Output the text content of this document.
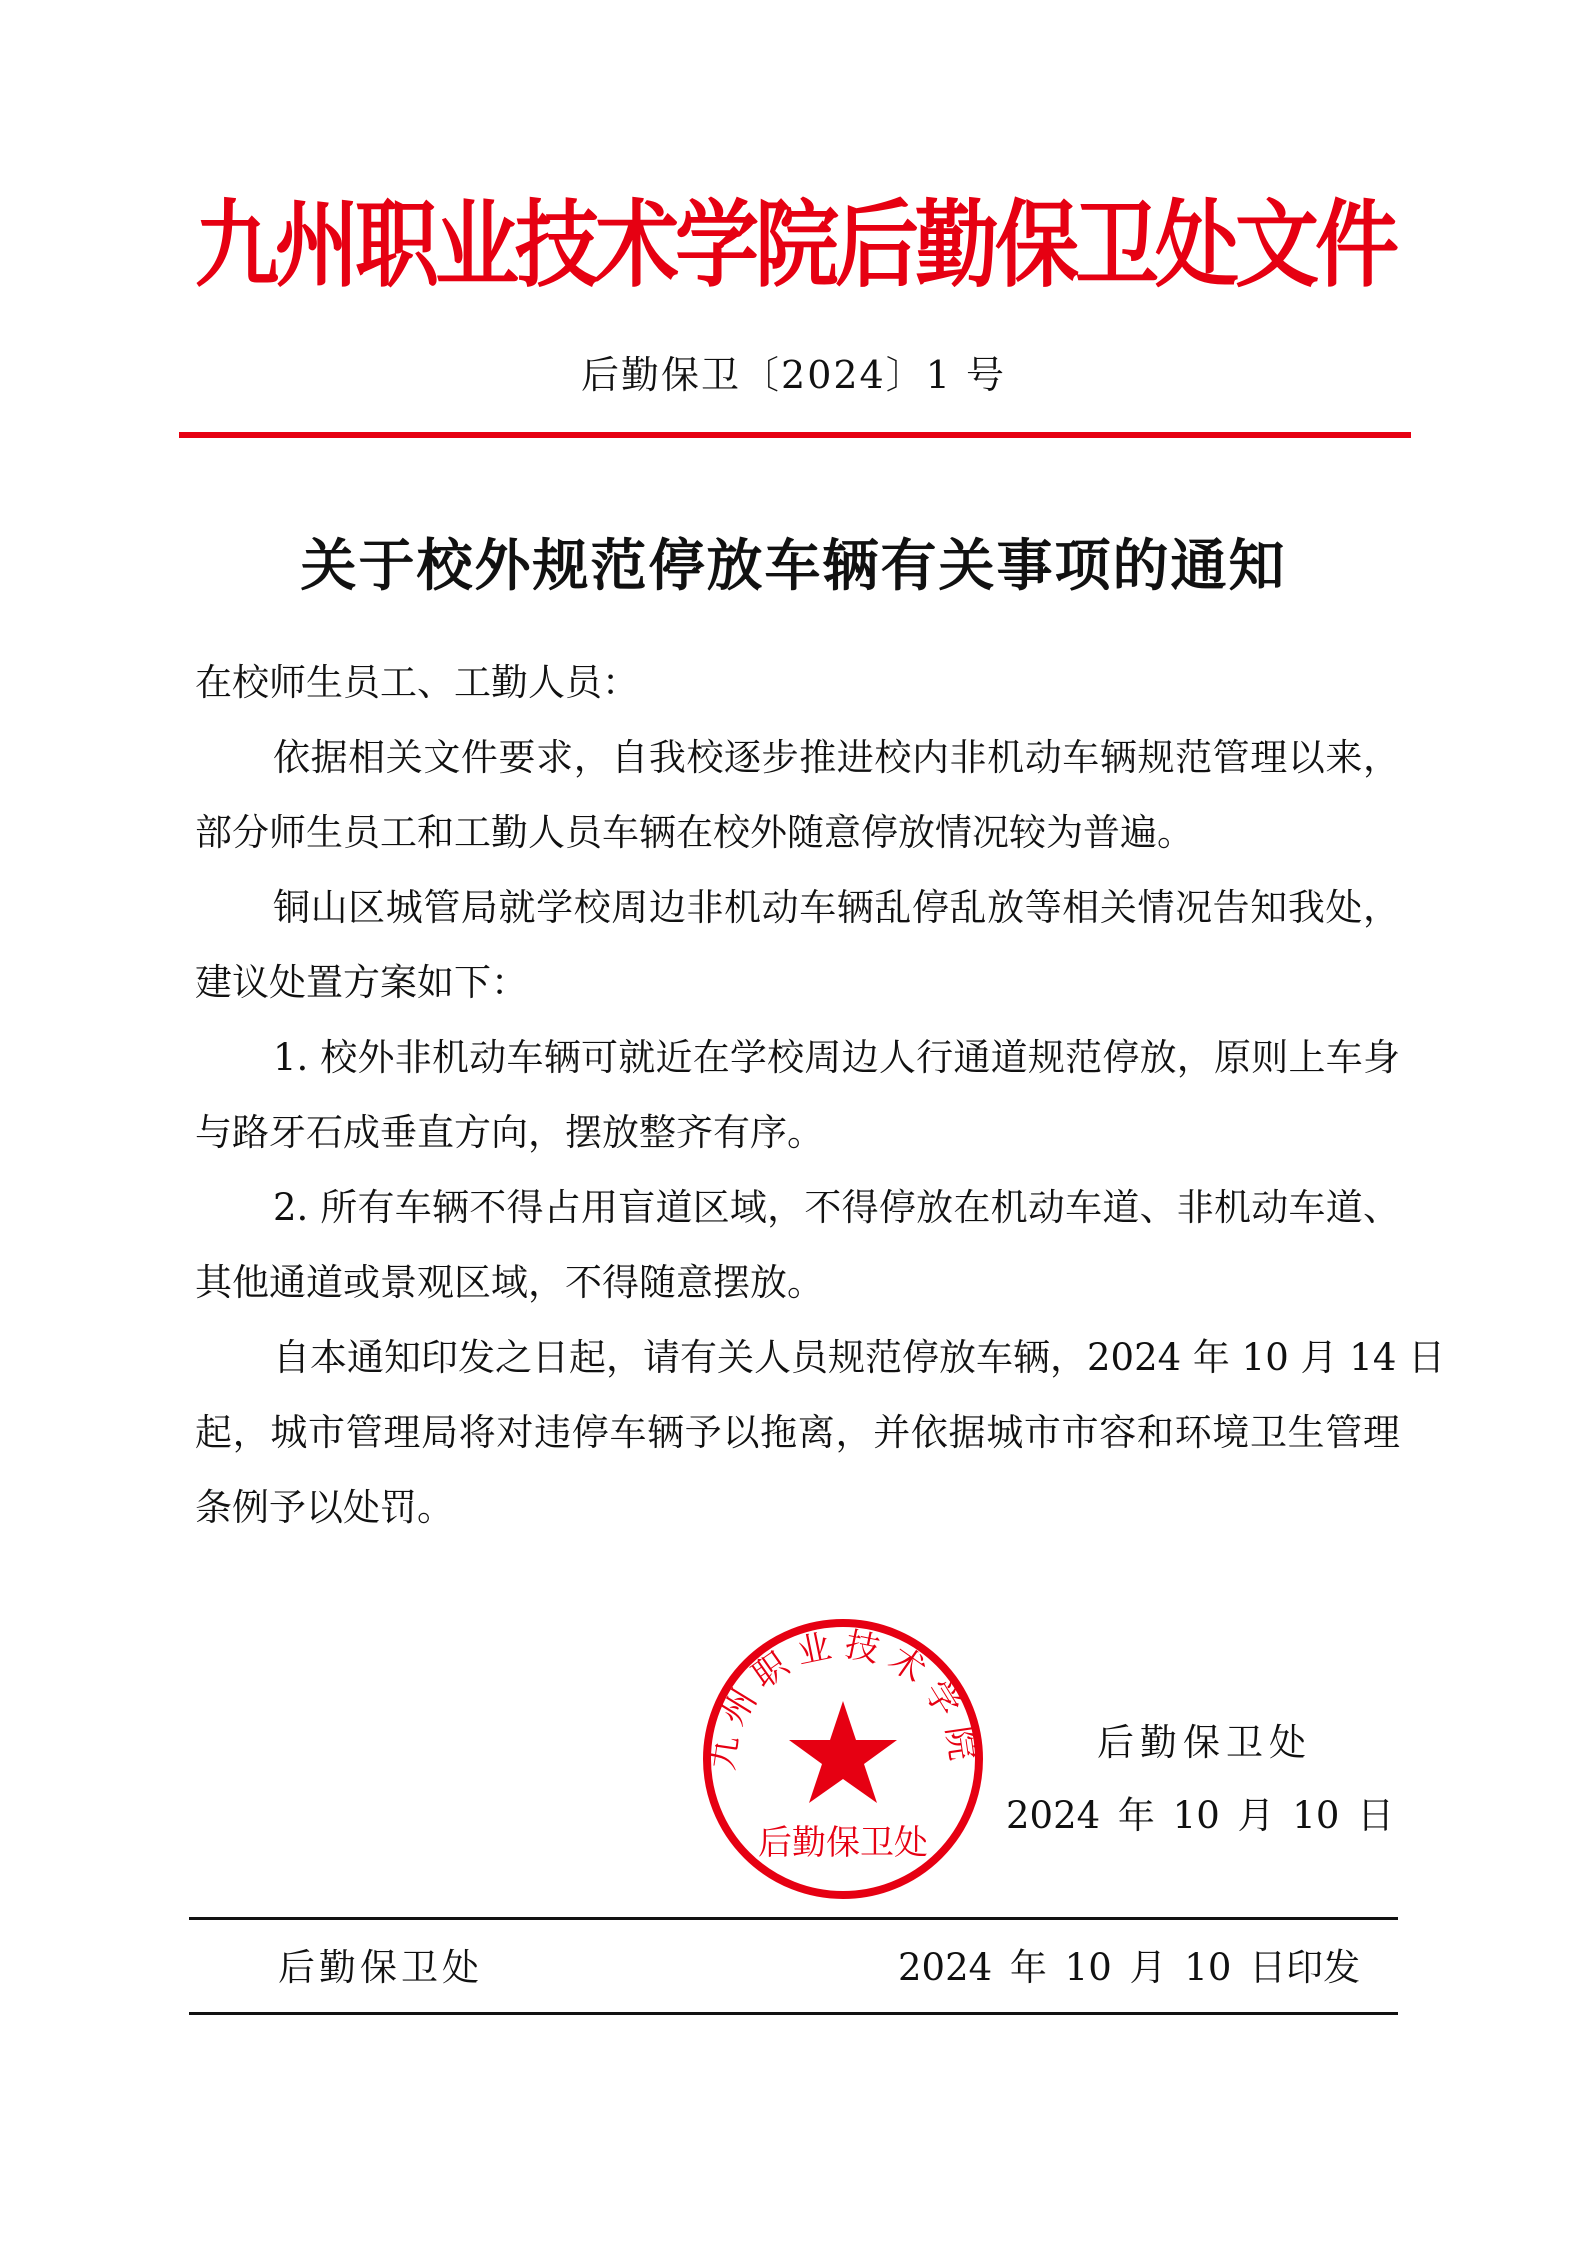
九州职业技术学院后勤保卫处文件
后勤保卫〔2024〕1 号
关于校外规范停放车辆有关事项的通知
在校师生员工、工勤人员：
依据相关文件要求，自我校逐步推进校内非机动车辆规范管理以来，
部分师生员工和工勤人员车辆在校外随意停放情况较为普遍。
铜山区城管局就学校周边非机动车辆乱停乱放等相关情况告知我处，
建议处置方案如下：
1. 校外非机动车辆可就近在学校周边人行通道规范停放，原则上车身
与路牙石成垂直方向，摆放整齐有序。
2. 所有车辆不得占用盲道区域，不得停放在机动车道、非机动车道、
其他通道或景观区域，不得随意摆放。
自本通知印发之日起，请有关人员规范停放车辆，2024 年 10 月 14 日
起，城市管理局将对违停车辆予以拖离，并依据城市市容和环境卫生管理
条例予以处罚。
九州职业技术学院
后勤保卫处
后勤保卫处
2024 年 10 月 10 日
后勤保卫处	2024 年 10 月 10 日印发
